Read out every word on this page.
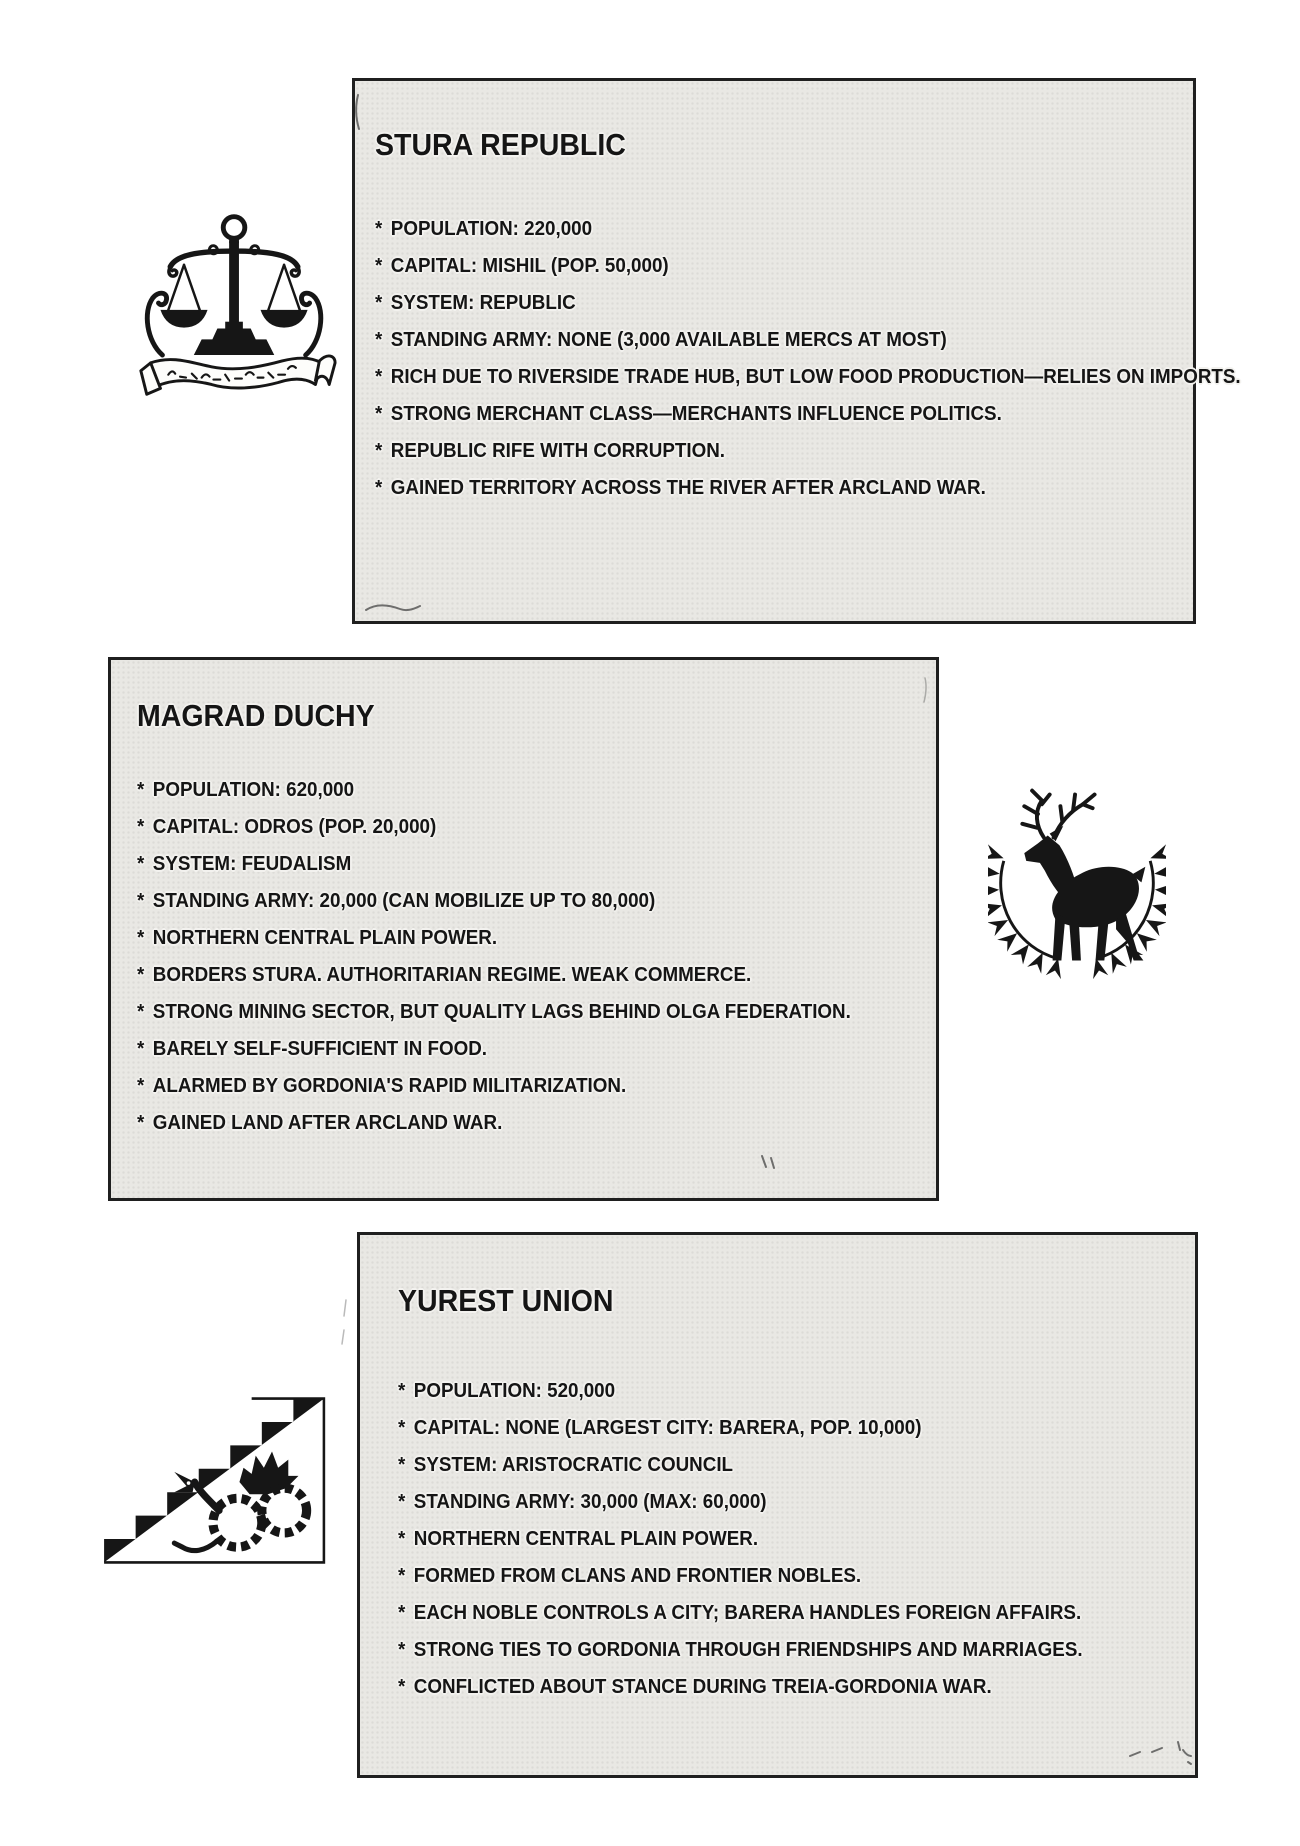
STURA REPUBLIC
* POPULATION: 220,000
* CAPITAL: MISHIL (POP. 50,000)
* SYSTEM: REPUBLIC
* STANDING ARMY: NONE (3,000 AVAILABLE MERCS AT MOST)
* RICH DUE TO RIVERSIDE TRADE HUB, BUT LOW FOOD PRODUCTION—RELIES ON IMPORTS.
* STRONG MERCHANT CLASS—MERCHANTS INFLUENCE POLITICS.
* REPUBLIC RIFE WITH CORRUPTION.
* GAINED TERRITORY ACROSS THE RIVER AFTER ARCLAND WAR.
MAGRAD DUCHY
* POPULATION: 620,000
* CAPITAL: ODROS (POP. 20,000)
* SYSTEM: FEUDALISM
* STANDING ARMY: 20,000 (CAN MOBILIZE UP TO 80,000)
* NORTHERN CENTRAL PLAIN POWER.
* BORDERS STURA. AUTHORITARIAN REGIME. WEAK COMMERCE.
* STRONG MINING SECTOR, BUT QUALITY LAGS BEHIND OLGA FEDERATION.
* BARELY SELF-SUFFICIENT IN FOOD.
* ALARMED BY GORDONIA'S RAPID MILITARIZATION.
* GAINED LAND AFTER ARCLAND WAR.
YUREST UNION
* POPULATION: 520,000
* CAPITAL: NONE (LARGEST CITY: BARERA, POP. 10,000)
* SYSTEM: ARISTOCRATIC COUNCIL
* STANDING ARMY: 30,000 (MAX: 60,000)
* NORTHERN CENTRAL PLAIN POWER.
* FORMED FROM CLANS AND FRONTIER NOBLES.
* EACH NOBLE CONTROLS A CITY; BARERA HANDLES FOREIGN AFFAIRS.
* STRONG TIES TO GORDONIA THROUGH FRIENDSHIPS AND MARRIAGES.
* CONFLICTED ABOUT STANCE DURING TREIA-GORDONIA WAR.
